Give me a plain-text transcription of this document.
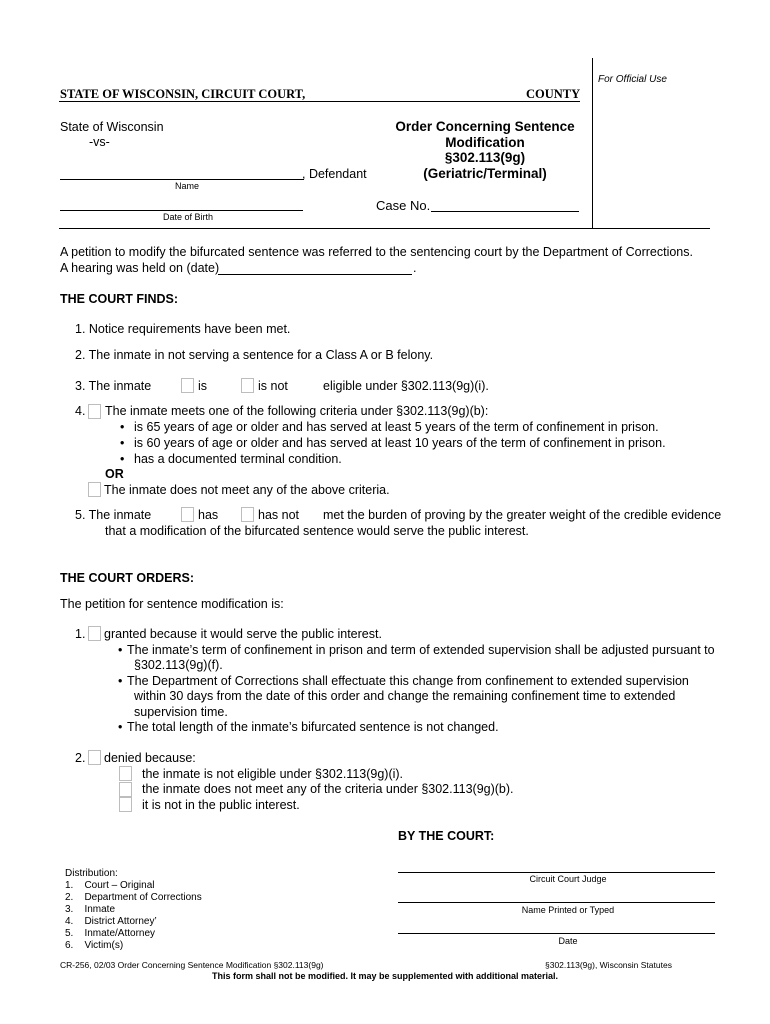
For Official Use
STATE OF WISCONSIN, CIRCUIT COURT,	COUNTY
State of Wisconsin
-vs-
, Defendant
Name
Date of Birth
Order Concerning Sentence
Modification
§302.113(9g)
(Geriatric/Terminal)
Case No.
A petition to modify the bifurcated sentence was referred to the sentencing court by the Department of Corrections.
A hearing was held on (date)	.
THE COURT FINDS:
1. Notice requirements have been met.
2. The inmate in not serving a sentence for a Class A or B felony.
3. The inmate	is	is not	eligible under §302.113(9g)(i).
4. The inmate meets one of the following criteria under §302.113(9g)(b):
• is 65 years of age or older and has served at least 5 years of the term of confinement in prison.
• is 60 years of age or older and has served at least 10 years of the term of confinement in prison.
• has a documented terminal condition.
OR
The inmate does not meet any of the above criteria.
5. The inmate	has	has not met the burden of proving by the greater weight of the credible evidence
that a modification of the bifurcated sentence would serve the public interest.
THE COURT ORDERS:
The petition for sentence modification is:
1. granted because it would serve the public interest.
• The inmate’s term of confinement in prison and term of extended supervision shall be adjusted pursuant to
§302.113(9g)(f).
• The Department of Corrections shall effectuate this change from confinement to extended supervision
within 30 days from the date of this order and change the remaining confinement time to extended
supervision time.
• The total length of the inmate’s bifurcated sentence is not changed.
2. denied because:
the inmate is not eligible under §302.113(9g)(i).
the inmate does not meet any of the criteria under §302.113(9g)(b).
it is not in the public interest.
BY THE COURT:
Circuit Court Judge
Name Printed or Typed
Date
Distribution:
1.    Court – Original
2.    Department of Corrections
3.    Inmate
4.    District Attorney’
5.    Inmate/Attorney
6.    Victim(s)
CR-256, 02/03 Order Concerning Sentence Modification §302.113(9g)	§302.113(9g), Wisconsin Statutes
This form shall not be modified. It may be supplemented with additional material.
